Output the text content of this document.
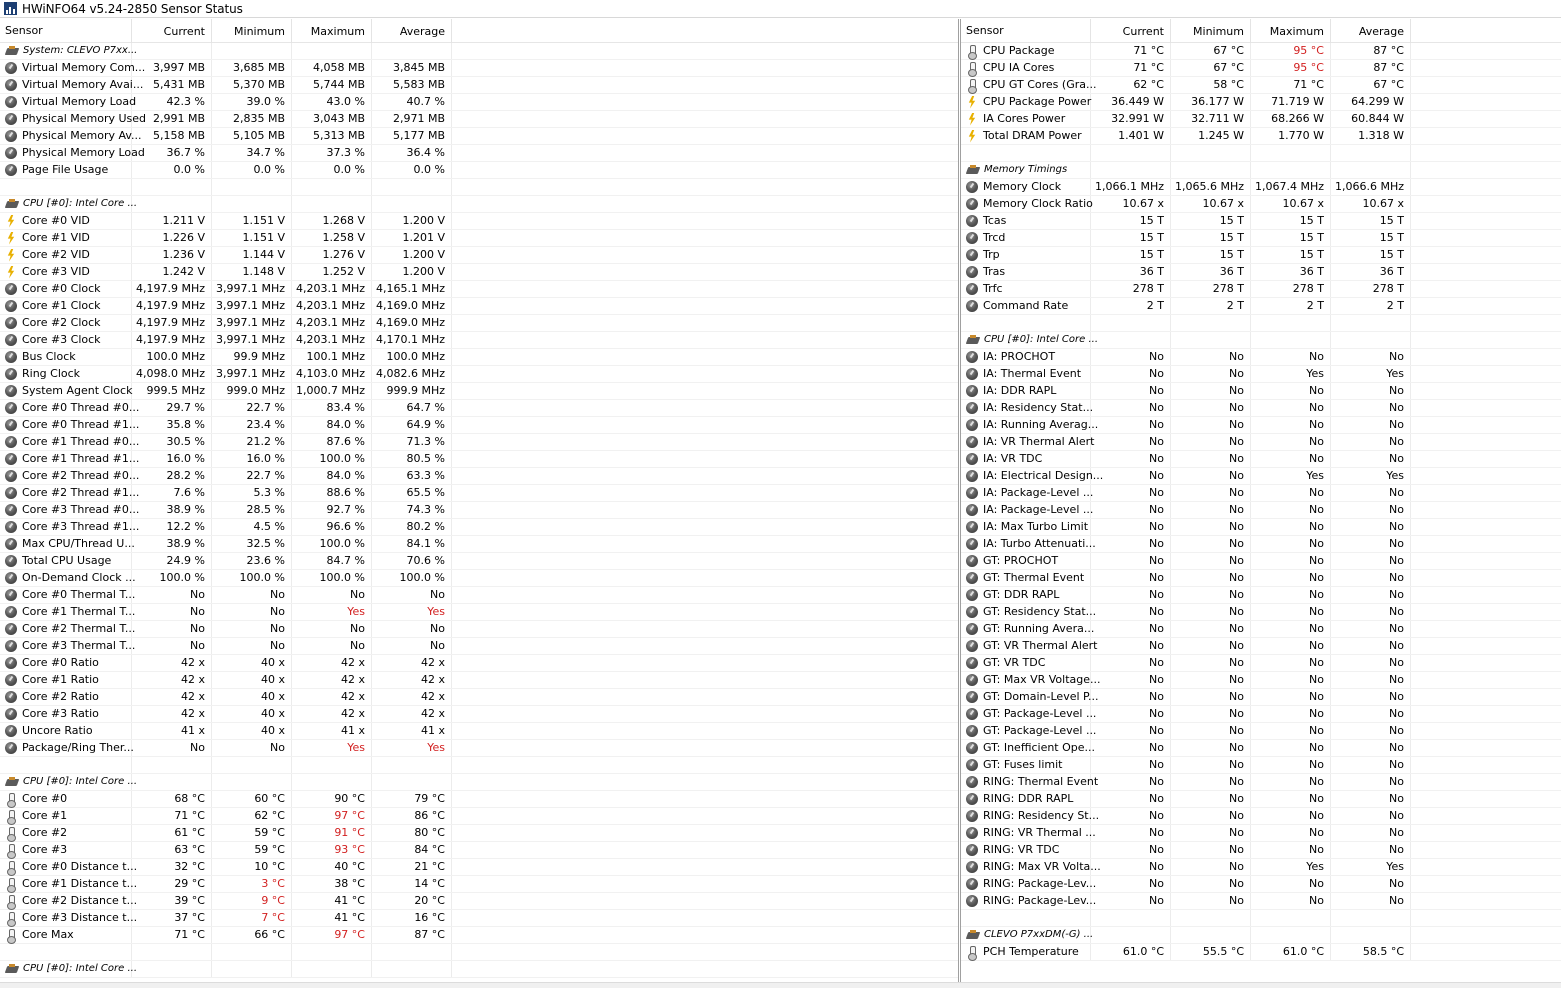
HWiNFO64 v5.24-2850 Sensor Status
Sensor	Current	Minimum	Maximum	Average
System: CLEVO P7xx...
Virtual Memory Com... 3,997 MB	3,685 MB	4,058 MB	3,845 MB
Virtual Memory Avai... 5,431 MB	5,370 MB	5,744 MB	5,583 MB
Virtual Memory Load	42.3 %	39.0 %	43.0 %	40.7 %
Physical Memory Used 2,991 MB	2,835 MB	3,043 MB	2,971 MB
Physical Memory Av...	5,158 MB	5,105 MB	5,313 MB	5,177 MB
Physical Memory Load	36.7 %	34.7 %	37.3 %	36.4 %
Page File Usage	0.0 %	0.0 %	0.0 %	0.0 %
CPU [#0]: Intel Core ...
Core #0 VID	1.211 V	1.151 V	1.268 V	1.200 V
Core #1 VID	1.226 V	1.151 V	1.258 V	1.201 V
Core #2 VID	1.236 V	1.144 V	1.276 V	1.200 V
Core #3 VID	1.242 V	1.148 V	1.252 V	1.200 V
Core #0 Clock	4,197.9 MHz 3,997.1 MHz 4,203.1 MHz 4,165.1 MHz
Core #1 Clock	4,197.9 MHz 3,997.1 MHz 4,203.1 MHz 4,169.0 MHz
Core #2 Clock	4,197.9 MHz 3,997.1 MHz 4,203.1 MHz 4,169.0 MHz
Core #3 Clock	4,197.9 MHz 3,997.1 MHz 4,203.1 MHz 4,170.1 MHz
Bus Clock	100.0 MHz	99.9 MHz	100.1 MHz	100.0 MHz
Ring Clock	4,098.0 MHz 3,997.1 MHz 4,103.0 MHz 4,082.6 MHz
System Agent Clock	999.5 MHz	999.0 MHz 1,000.7 MHz	999.9 MHz
Core #0 Thread #0...	29.7 %	22.7 %	83.4 %	64.7 %
Core #0 Thread #1...	35.8 %	23.4 %	84.0 %	64.9 %
Core #1 Thread #0...	30.5 %	21.2 %	87.6 %	71.3 %
Core #1 Thread #1...	16.0 %	16.0 %	100.0 %	80.5 %
Core #2 Thread #0...	28.2 %	22.7 %	84.0 %	63.3 %
Core #2 Thread #1...	7.6 %	5.3 %	88.6 %	65.5 %
Core #3 Thread #0...	38.9 %	28.5 %	92.7 %	74.3 %
Core #3 Thread #1...	12.2 %	4.5 %	96.6 %	80.2 %
Max CPU/Thread U...	38.9 %	32.5 %	100.0 %	84.1 %
Total CPU Usage	24.9 %	23.6 %	84.7 %	70.6 %
On-Demand Clock ...	100.0 %	100.0 %	100.0 %	100.0 %
Core #0 Thermal T...	No	No	No	No
Core #1 Thermal T...	No	No	Yes	Yes
Core #2 Thermal T...	No	No	No	No
Core #3 Thermal T...	No	No	No	No
Core #0 Ratio	42 x	40 x	42 x	42 x
Core #1 Ratio	42 x	40 x	42 x	42 x
Core #2 Ratio	42 x	40 x	42 x	42 x
Core #3 Ratio	42 x	40 x	42 x	42 x
Uncore Ratio	41 x	40 x	41 x	41 x
Package/Ring Ther...	No	No	Yes	Yes
CPU [#0]: Intel Core ...
Core #0	68 °C	60 °C	90 °C	79 °C
Core #1	71 °C	62 °C	97 °C	86 °C
Core #2	61 °C	59 °C	91 °C	80 °C
Core #3	63 °C	59 °C	93 °C	84 °C
Core #0 Distance t...	32 °C	10 °C	40 °C	21 °C
Core #1 Distance t...	29 °C	3 °C	38 °C	14 °C
Core #2 Distance t...	39 °C	9 °C	41 °C	20 °C
Core #3 Distance t...	37 °C	7 °C	41 °C	16 °C
Core Max	71 °C	66 °C	97 °C	87 °C
CPU [#0]: Intel Core ...
Sensor	Current	Minimum	Maximum	Average
CPU Package	71 °C	67 °C	95 °C	87 °C
CPU IA Cores	71 °C	67 °C	95 °C	87 °C
CPU GT Cores (Gra...	62 °C	58 °C	71 °C	67 °C
CPU Package Power	36.449 W	36.177 W	71.719 W	64.299 W
IA Cores Power	32.991 W	32.711 W	68.266 W	60.844 W
Total DRAM Power	1.401 W	1.245 W	1.770 W	1.318 W
Memory Timings
Memory Clock	1,066.1 MHz 1,065.6 MHz 1,067.4 MHz 1,066.6 MHz
Memory Clock Ratio	10.67 x	10.67 x	10.67 x	10.67 x
Tcas	15 T	15 T	15 T	15 T
Trcd	15 T	15 T	15 T	15 T
Trp	15 T	15 T	15 T	15 T
Tras	36 T	36 T	36 T	36 T
Trfc	278 T	278 T	278 T	278 T
Command Rate	2 T	2 T	2 T	2 T
CPU [#0]: Intel Core ...
IA: PROCHOT	No	No	No	No
IA: Thermal Event	No	No	Yes	Yes
IA: DDR RAPL	No	No	No	No
IA: Residency Stat...	No	No	No	No
IA: Running Averag...	No	No	No	No
IA: VR Thermal Alert	No	No	No	No
IA: VR TDC	No	No	No	No
IA: Electrical Design...	No	No	Yes	Yes
IA: Package-Level ...	No	No	No	No
IA: Package-Level ...	No	No	No	No
IA: Max Turbo Limit	No	No	No	No
IA: Turbo Attenuati...	No	No	No	No
GT: PROCHOT	No	No	No	No
GT: Thermal Event	No	No	No	No
GT: DDR RAPL	No	No	No	No
GT: Residency Stat...	No	No	No	No
GT: Running Avera...	No	No	No	No
GT: VR Thermal Alert	No	No	No	No
GT: VR TDC	No	No	No	No
GT: Max VR Voltage...	No	No	No	No
GT: Domain-Level P...	No	No	No	No
GT: Package-Level ...	No	No	No	No
GT: Package-Level ...	No	No	No	No
GT: Inefficient Ope...	No	No	No	No
GT: Fuses limit	No	No	No	No
RING: Thermal Event	No	No	No	No
RING: DDR RAPL	No	No	No	No
RING: Residency St...	No	No	No	No
RING: VR Thermal ...	No	No	No	No
RING: VR TDC	No	No	No	No
RING: Max VR Volta...	No	No	Yes	Yes
RING: Package-Lev...	No	No	No	No
RING: Package-Lev...	No	No	No	No
CLEVO P7xxDM(-G) ...
PCH Temperature	61.0 °C	55.5 °C	61.0 °C	58.5 °C
